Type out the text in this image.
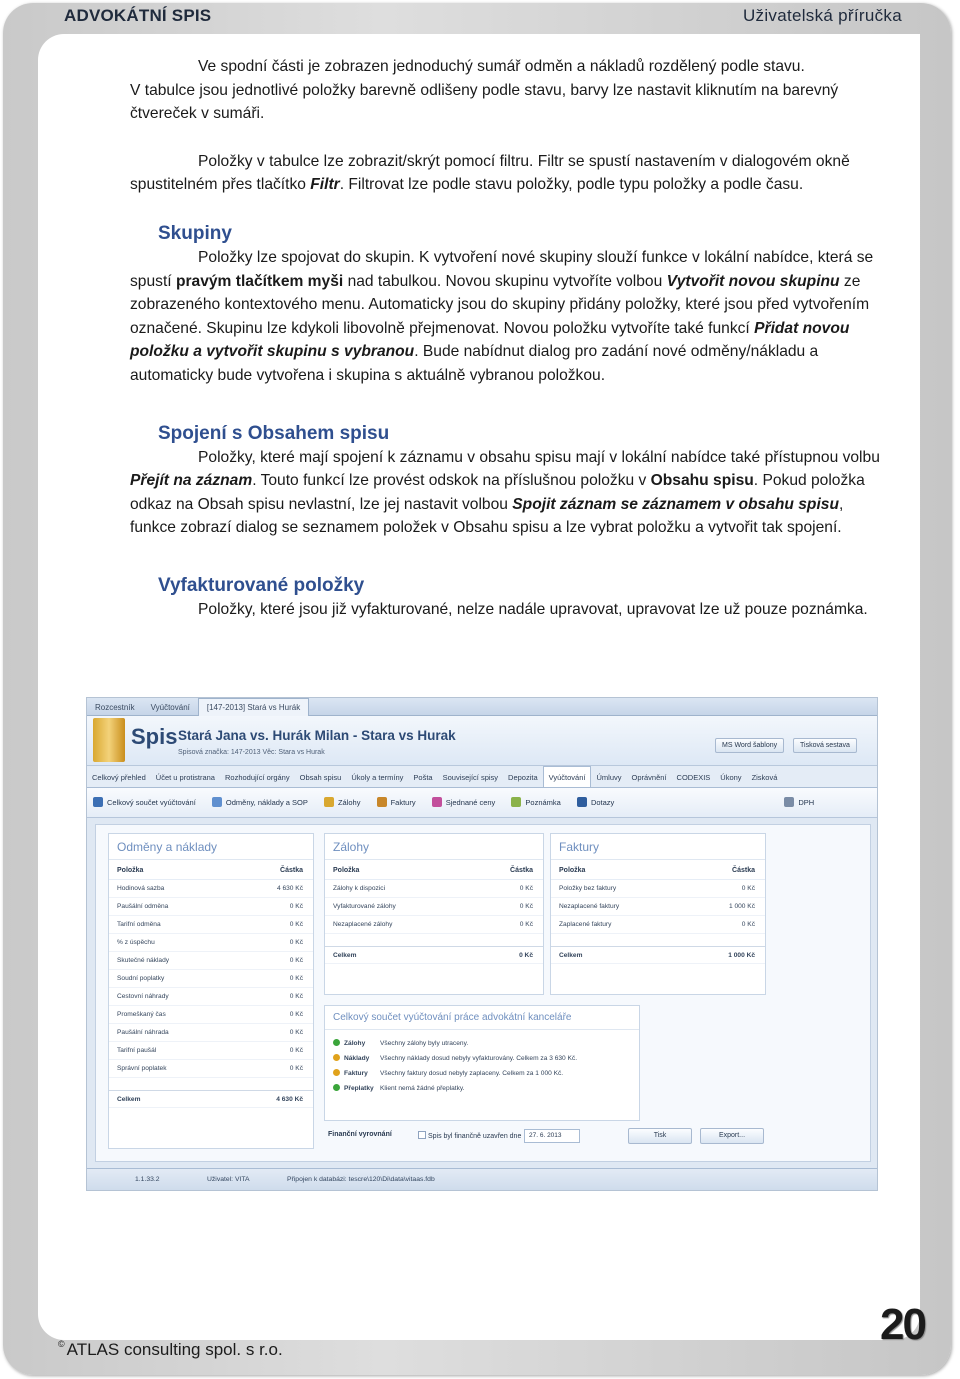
ADVOKÁTNÍ SPIS	Uživatelská příručka

Ve spodní části je zobrazen jednoduchý sumář odměn a nákladů rozdělený podle stavu.

V tabulce jsou jednotlivé položky barevně odlišeny podle stavu, barvy lze nastavit kliknutím na barevný čtvereček v sumáři.

Položky v tabulce lze zobrazit/skrýt pomocí filtru. Filtr se spustí nastavením v dialogovém okně spustitelném přes tlačítko Filtr. Filtrovat lze podle stavu položky, podle typu položky a podle času.

Skupiny

Položky lze spojovat do skupin. K vytvoření nové skupiny slouží funkce v lokální nabídce, která se spustí pravým tlačítkem myši nad tabulkou. Novou skupinu vytvoříte volbou Vytvořit novou skupinu ze zobrazeného kontextového menu. Automaticky jsou do skupiny přidány položky, které jsou před vytvořením označené. Skupinu lze kdykoli libovolně přejmenovat. Novou položku vytvoříte také funkcí Přidat novou položku a vytvořit skupinu s vybranou. Bude nabídnut dialog pro zadání nové odměny/nákladu a automaticky bude vytvořena i skupina s aktuálně vybranou položkou.

Spojení s Obsahem spisu

Položky, které mají spojení k záznamu v obsahu spisu mají v lokální nabídce také přístupnou volbu Přejít na záznam. Touto funkcí lze provést odskok na příslušnou položku v Obsahu spisu. Pokud položka odkaz na Obsah spisu nevlastní, lze jej nastavit volbou Spojit záznam se záznamem v obsahu spisu, funkce zobrazí dialog se seznamem položek v Obsahu spisu a lze vybrat položku a vytvořit tak spojení.

Vyfakturované položky

Položky, které jsou již vyfakturované, nelze nadále upravovat, upravovat lze už pouze poznámka.

Rozcestník Vyúčtování [147-2013] Stará vs Hurák
Spis Stará Jana vs. Hurák Milan - Stara vs Hurak
Spisová značka: 147-2013 Věc: Stara vs Hurak
MS Word šablony	Tisková sestava
Celkový přehled Účet u protistrana Rozhodující orgány Obsah spisu Úkoly a termíny Pošta Související spisy Depozita Vyúčtování Úmluvy Oprávnění CODEXIS Úkony Zisková
Celkový součet vyúčtování	Odměny, náklady a SOP	Zálohy	Faktury	Sjednané ceny	Poznámka	Dotazy	DPH
Odměny a náklady
Položka	Částka
Hodinová sazba	4 630 Kč
Paušální odměna	0 Kč
Tarifní odměna	0 Kč
% z úspěchu	0 Kč
Skutečné náklady	0 Kč
Soudní poplatky	0 Kč
Cestovní náhrady	0 Kč
Promeškaný čas	0 Kč
Paušální náhrada	0 Kč
Tarifní paušál	0 Kč
Správní poplatek	0 Kč
Celkem	4 630 Kč
Zálohy
Položka	Částka
Zálohy k dispozici	0 Kč
Vyfakturované zálohy	0 Kč
Nezaplacené zálohy	0 Kč
Celkem	0 Kč
Faktury
Položka	Částka
Položky bez faktury	0 Kč
Nezaplacené faktury	1 000 Kč
Zaplacené faktury	0 Kč
Celkem	1 000 Kč
Celkový součet vyúčtování práce advokátní kanceláře
Zálohy Všechny zálohy byly utraceny.
Náklady Všechny náklady dosud nebyly vyfakturovány. Celkem za 3 630 Kč.
Faktury Všechny faktury dosud nebyly zaplaceny. Celkem za 1 000 Kč.
Přeplatky Klient nemá žádné přeplatky.
Finanční vyrovnání	Spis byl finančně uzavřen dne	27. 6. 2013	Tisk	Export...
1.1.33.2	Uživatel: VITA	Připojen k databázi: tescre\120\Di\data\vitaas.fdb
© ATLAS consulting spol. s r.o.
20
